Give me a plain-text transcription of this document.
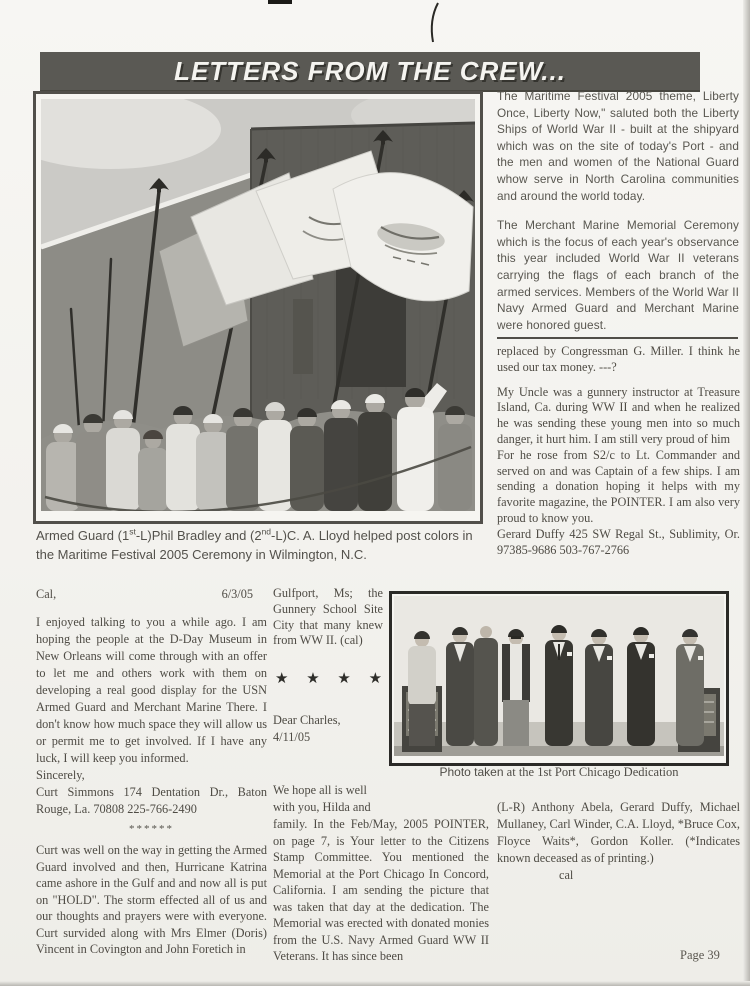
LETTERS FROM THE CREW...
Armed Guard (1st-L)Phil Bradley and (2nd-L)C. A. Lloyd helped post colors in the Maritime Festival 2005 Ceremony in Wilmington, N.C.

The Maritime Festival 2005 theme, Liberty Once, Liberty Now," saluted both the Liberty Ships of World War II - built at the shipyard which was on the site of today's Port - and the men and women of the National Guard whow serve in North Carolina communities and around the world today.

The Merchant Marine Memorial Ceremony which is the focus of each year's observance this year included World War II veterans carrying the flags of each branch of the armed services. Members of the World War II Navy Armed Guard and Merchant Marine were honored guest.

replaced by Congressman G. Miller. I think he used our tax money. ---?
My Uncle was a gunnery instructor at Treasure Island, Ca. during WW II and when he realized he was sending these young men into so much danger, it hurt him. I am still very proud of him
For he rose from S2/c to Lt. Commander and served on and was Captain of a few ships. I am sending a donation hoping it helps with my favorite magazine, the POINTER. I am also very proud to know you.
Gerard Duffy 425 SW Regal St., Sublimity, Or. 97385-9686 503-767-2766
Cal,	6/3/05
I enjoyed talking to you a while ago. I am hoping the people at the D-Day Museum in New Orleans will come through with an offer to let me and others work with them on developing a real good display for the USN Armed Guard and Merchant Marine There. I don't know how much space they will allow us or permit me to get involved. If I have any luck, I will keep you informed.
Sincerely,
Curt Simmons 174 Dentation Dr., Baton Rouge, La. 70808 225-766-2490
******
Curt was well on the way in getting the Armed Guard involved and then, Hurricane Katrina came ashore in the Gulf and and now all is put on "HOLD". The storm effected all of us and our thoughts and prayers were with everyone. Curt survided along with Mrs Elmer (Doris) Vincent in Covington and John Foretich in
Gulfport, Ms; the Gunnery School Site City that many knew from WW II. (cal)
★ ★ ★ ★
Dear Charles,
4/11/05
Photo taken at the 1st Port Chicago Dedication
We hope all is well
with you, Hilda and
family. In the Feb/May, 2005 POINTER, on page 7, is Your letter to the Citizens Stamp Committee. You mentioned the Memorial at the Port Chicago In Concord, California. I am sending the picture that was taken that day at the dedication. The Memorial was erected with donated monies from the U.S. Navy Armed Guard WW II Veterans. It has since been
(L-R) Anthony Abela, Gerard Duffy, Michael Mullaney, Carl Winder, C.A. Lloyd, *Bruce Cox, Floyce Waits*, Gordon Koller. (*Indicates known deceased as of printing.)
cal
Page 39
